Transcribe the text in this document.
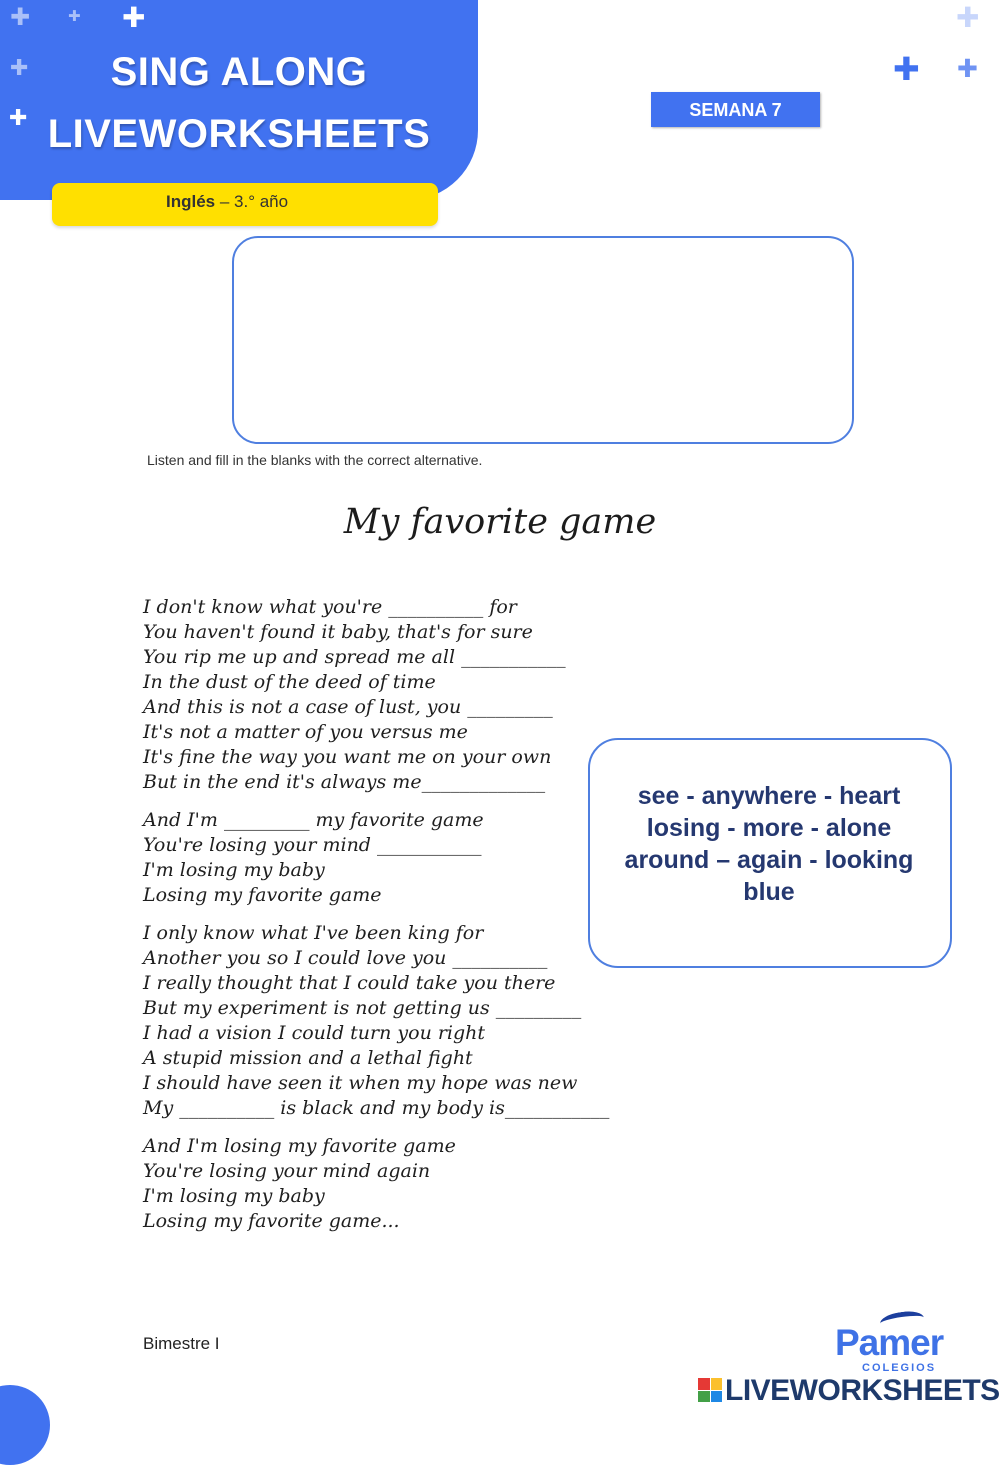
✚	✚ ✚
✚
✚
✚
✚ ✚
SING ALONG
LIVEWORKSHEETS
Inglés – 3.° año
SEMANA 7
Listen and fill in the blanks with the correct alternative.
My favorite game
I don't know what you're __________ for
You haven't found it baby, that's for sure
You rip me up and spread me all ___________
In the dust of the deed of time
And this is not a case of lust, you _________
It's not a matter of you versus me
It's fine the way you want me on your own
But in the end it's always me_____________
And I'm _________ my favorite game
You're losing your mind ___________
I'm losing my baby
Losing my favorite game
I only know what I've been king for
Another you so I could love you __________
I really thought that I could take you there
But my experiment is not getting us _________
I had a vision I could turn you right
A stupid mission and a lethal fight
I should have seen it when my hope was new
My __________ is black and my body is___________
And I'm losing my favorite game
You're losing your mind again
I'm losing my baby
Losing my favorite game...
see - anywhere - heart
losing - more - alone
around – again - looking
blue
Bimestre I	Pamer
COLEGIOS
LIVEWORKSHEETS
